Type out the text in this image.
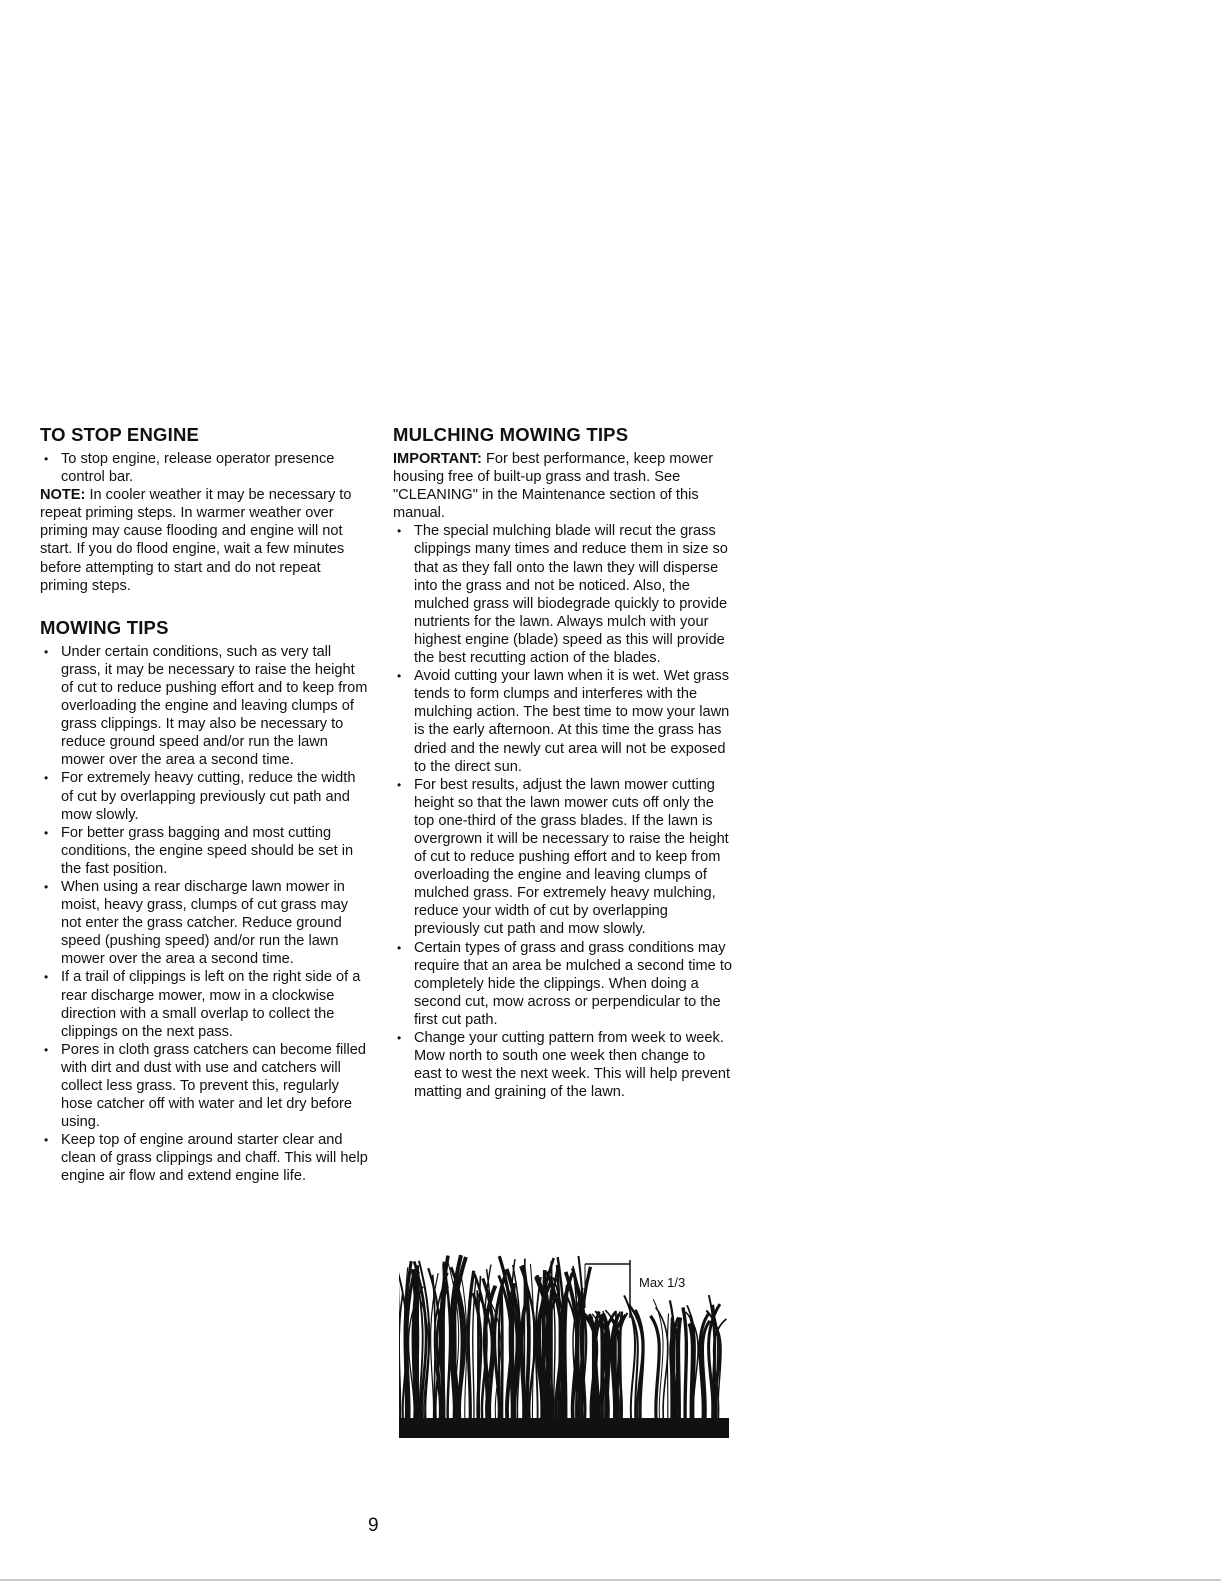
TO STOP ENGINE
• To stop engine, release operator presence control bar.

NOTE: In cooler weather it may be necessary to repeat priming steps. In warmer weather over priming may cause flooding and engine will not start. If you do flood engine, wait a few minutes before attempting to start and do not repeat priming steps.

MOWING TIPS
• Under certain conditions, such as very tall grass, it may be necessary to raise the height of cut to reduce pushing effort and to keep from overloading the engine and leaving clumps of grass clippings. It may also be necessary to reduce ground speed and/or run the lawn mower over the area a second time.
• For extremely heavy cutting, reduce the width of cut by overlapping previously cut path and mow slowly.
• For better grass bagging and most cutting conditions, the engine speed should be set in the fast position.
• When using a rear discharge lawn mower in moist, heavy grass, clumps of cut grass may not enter the grass catcher. Reduce ground speed (pushing speed) and/or run the lawn mower over the area a second time.
• If a trail of clippings is left on the right side of a rear discharge mower, mow in a clockwise direction with a small overlap to collect the clippings on the next pass.
• Pores in cloth grass catchers can become filled with dirt and dust with use and catchers will collect less grass. To prevent this, regularly hose catcher off with water and let dry before using.
• Keep top of engine around starter clear and clean of grass clippings and chaff. This will help engine air flow and extend engine life.
MULCHING MOWING TIPS

IMPORTANT: For best performance, keep mower housing free of built-up grass and trash. See "CLEANING" in the Maintenance section of this manual.

• The special mulching blade will recut the grass clippings many times and reduce them in size so that as they fall onto the lawn they will disperse into the grass and not be noticed. Also, the mulched grass will biodegrade quickly to provide nutrients for the lawn. Always mulch with your highest engine (blade) speed as this will provide the best recutting action of the blades.
• Avoid cutting your lawn when it is wet. Wet grass tends to form clumps and interferes with the mulching action. The best time to mow your lawn is the early afternoon. At this time the grass has dried and the newly cut area will not be exposed to the direct sun.
• For best results, adjust the lawn mower cutting height so that the lawn mower cuts off only the top one-third of the grass blades. If the lawn is overgrown it will be necessary to raise the height of cut to reduce pushing effort and to keep from overloading the engine and leaving clumps of mulched grass. For extremely heavy mulching, reduce your width of cut by overlapping previously cut path and mow slowly.
• Certain types of grass and grass conditions may require that an area be mulched a second time to completely hide the clippings. When doing a second cut, mow across or perpendicular to the first cut path.
• Change your cutting pattern from week to week. Mow north to south one week then change to east to west the next week. This will help prevent matting and graining of the lawn.
Max 1/3
9
